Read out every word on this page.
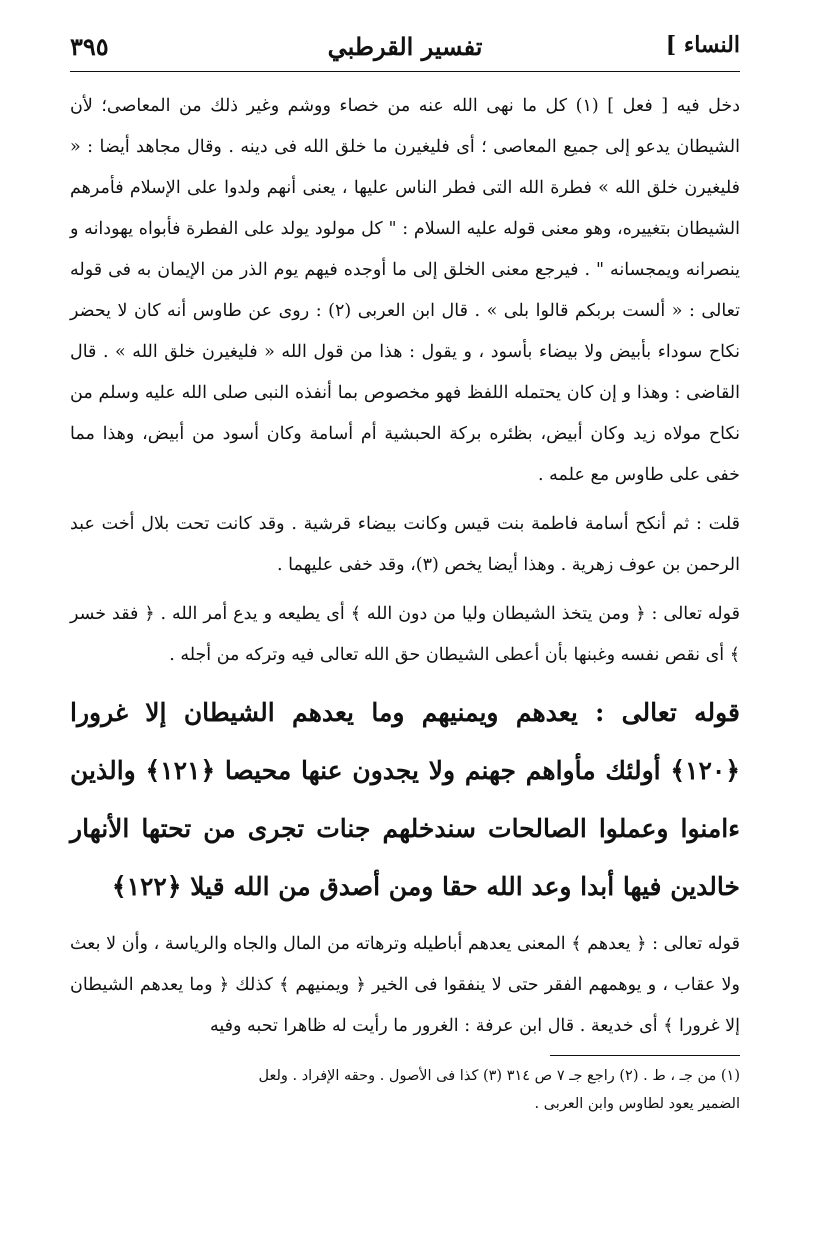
النساء ]
تفسير القرطبي
٣٩٥

دخل فيه [ فعل ] (١) كل ما نهى الله عنه من خصاء ووشم وغير ذلك من المعاصى؛ لأن الشيطان يدعو إلى جميع المعاصى ؛ أى فليغيرن ما خلق الله فى دينه . وقال مجاهد أيضا : « فليغيرن خلق الله » فطرة الله التى فطر الناس عليها ، يعنى أنهم ولدوا على الإسلام فأمرهم الشيطان بتغييره، وهو معنى قوله عليه السلام : " كل مولود يولد على الفطرة فأبواه يهودانه و ينصرانه ويمجسانه " . فيرجع معنى الخلق إلى ما أوجده فيهم يوم الذر من الإيمان به فى قوله تعالى : « ألست بربكم قالوا بلى » . قال ابن العربى (٢) : روى عن طاوس أنه كان لا يحضر نكاح سوداء بأبيض ولا بيضاء بأسود ، و يقول : هذا من قول الله « فليغيرن خلق الله » . قال القاضى : وهذا و إن كان يحتمله اللفظ فهو مخصوص بما أنفذه النبى صلى الله عليه وسلم من نكاح مولاه زيد وكان أبيض، بظئره بركة الحبشية أم أسامة وكان أسود من أبيض، وهذا مما خفى على طاوس مع علمه .

قلت : ثم أنكح أسامة فاطمة بنت قيس وكانت بيضاء قرشية . وقد كانت تحت بلال أخت عبد الرحمن بن عوف زهرية . وهذا أيضا يخص (٣)، وقد خفى عليهما .

قوله تعالى : ﴿ ومن يتخذ الشيطان وليا من دون الله ﴾ أى يطيعه و يدع أمر الله . ﴿ فقد خسر ﴾ أى نقص نفسه وغبنها بأن أعطى الشيطان حق الله تعالى فيه وتركه من أجله .

قوله تعالى : يعدهم ويمنيهم وما يعدهم الشيطان إلا غرورا ﴿١٢٠﴾ أولئك مأواهم جهنم ولا يجدون عنها محيصا ﴿١٢١﴾ والذين ءامنوا وعملوا الصالحات سندخلهم جنات تجرى من تحتها الأنهار خالدين فيها أبدا وعد الله حقا ومن أصدق من الله قيلا ﴿١٢٢﴾

قوله تعالى : ﴿ يعدهم ﴾ المعنى يعدهم أباطيله وترهاته من المال والجاه والرياسة ، وأن لا بعث ولا عقاب ، و يوهمهم الفقر حتى لا ينفقوا فى الخير ﴿ ويمنيهم ﴾ كذلك ﴿ وما يعدهم الشيطان إلا غرورا ﴾ أى خديعة . قال ابن عرفة : الغرور ما رأيت له ظاهرا تحبه وفيه

(١) من جـ ، ط . (٢) راجع جـ ٧ ص ٣١٤ (٣) كذا فى الأصول . وحقه الإفراد . ولعل

الضمير يعود لطاوس وابن العربى .
